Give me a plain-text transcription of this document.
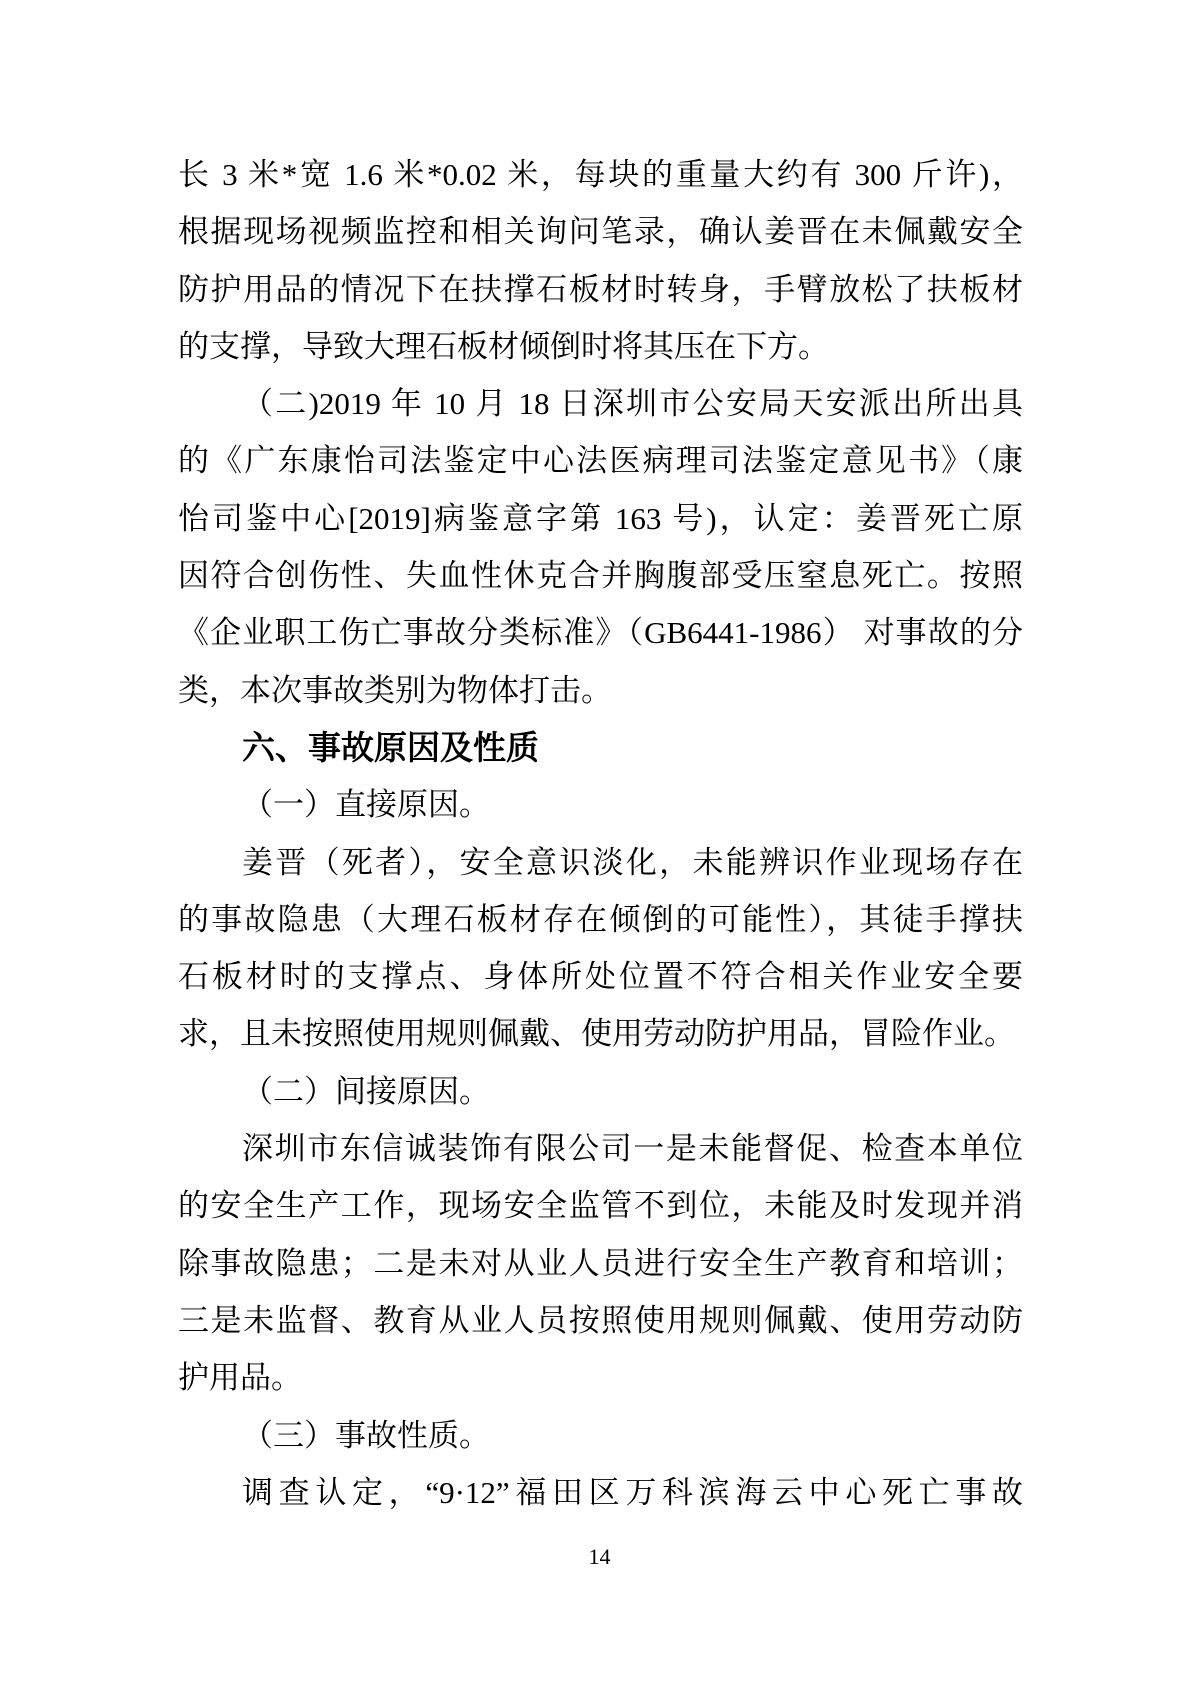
长 3 米*宽 1.6 米*0.02 米，每块的重量大约有 300 斤许)，
根据现场视频监控和相关询问笔录，确认姜晋在未佩戴安全
防护用品的情况下在扶撑石板材时转身，手臂放松了扶板材
的支撑，导致大理石板材倾倒时将其压在下方。
（二)2019 年 10 月 18 日深圳市公安局天安派出所出具
的《广东康怡司法鉴定中心法医病理司法鉴定意见书》（康
怡司鉴中心[2019]病鉴意字第 163 号)，认定：姜晋死亡原
因符合创伤性、失血性休克合并胸腹部受压窒息死亡。按照
《企业职工伤亡事故分类标准》（GB6441-1986） 对事故的分
类，本次事故类别为物体打击。
六、事故原因及性质
（一）直接原因。
姜晋（死者），安全意识淡化，未能辨识作业现场存在
的事故隐患（大理石板材存在倾倒的可能性），其徒手撑扶
石板材时的支撑点、身体所处位置不符合相关作业安全要
求，且未按照使用规则佩戴、使用劳动防护用品，冒险作业。
（二）间接原因。
深圳市东信诚装饰有限公司一是未能督促、检查本单位
的安全生产工作，现场安全监管不到位，未能及时发现并消
除事故隐患；二是未对从业人员进行安全生产教育和培训；
三是未监督、教育从业人员按照使用规则佩戴、使用劳动防
护用品。
（三）事故性质。
调查认定，“9·12”福田区万科滨海云中心死亡事故
14
